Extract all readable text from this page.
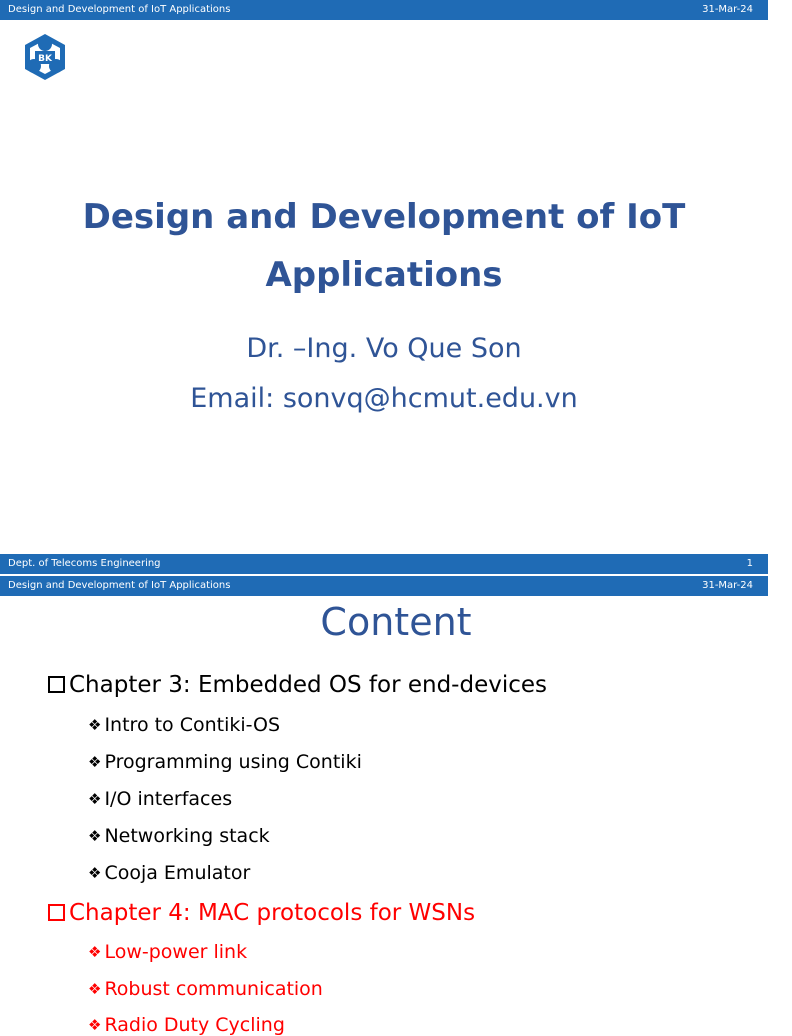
Design and Development of IoT Applications	31-Mar-24
BK
Design and Development of IoT
Applications
Dr. –Ing. Vo Que Son
Email: sonvq@hcmut.edu.vn
Dept. of Telecoms Engineering	1
Design and Development of IoT Applications	31-Mar-24
Content
Chapter 3: Embedded OS for end-devices
❖ Intro to Contiki-OS
❖ Programming using Contiki
❖ I/O interfaces
❖ Networking stack
❖ Cooja Emulator
Chapter 4: MAC protocols for WSNs
❖ Low-power link
❖ Robust communication
❖ Radio Duty Cycling
